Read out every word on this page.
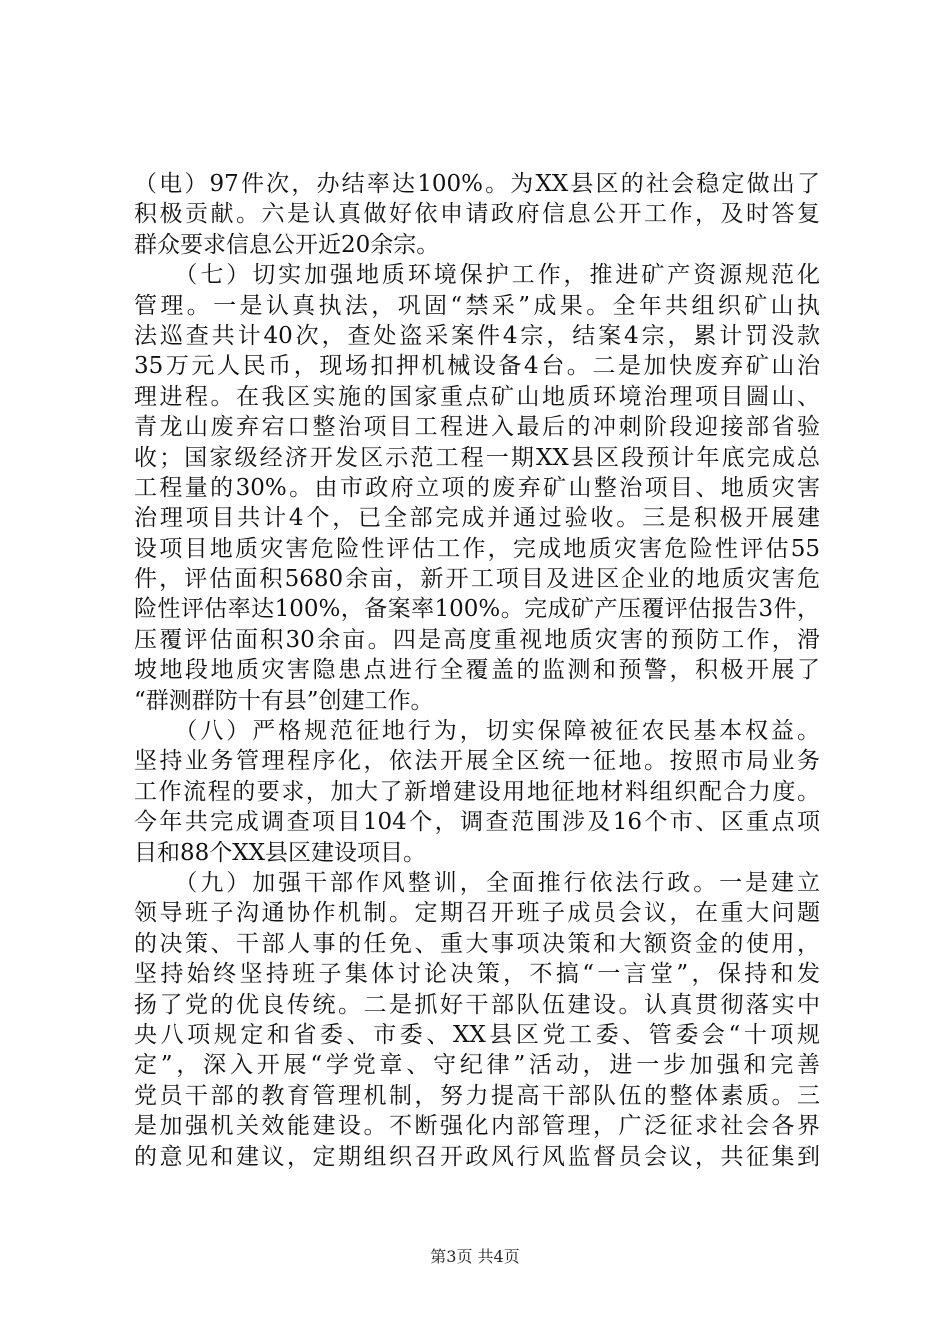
（电）97件次，办结率达100%。为XX县区的社会稳定做出了
积极贡献。六是认真做好依申请政府信息公开工作，及时答复
群众要求信息公开近20余宗。
　　（七）切实加强地质环境保护工作，推进矿产资源规范化
管理。一是认真执法，巩固“禁采”成果。全年共组织矿山执
法巡查共计40次，查处盗采案件4宗，结案4宗，累计罚没款
35万元人民币，现场扣押机械设备4台。二是加快废弃矿山治
理进程。在我区实施的国家重点矿山地质环境治理项目圌山、
青龙山废弃宕口整治项目工程进入最后的冲刺阶段迎接部省验
收；国家级经济开发区示范工程一期XX县区段预计年底完成总
工程量的30%。由市政府立项的废弃矿山整治项目、地质灾害
治理项目共计4个，已全部完成并通过验收。三是积极开展建
设项目地质灾害危险性评估工作，完成地质灾害危险性评估55
件，评估面积5680余亩，新开工项目及进区企业的地质灾害危
险性评估率达100%，备案率100%。完成矿产压覆评估报告3件，
压覆评估面积30余亩。四是高度重视地质灾害的预防工作，滑
坡地段地质灾害隐患点进行全覆盖的监测和预警，积极开展了
“群测群防十有县”创建工作。
　　（八）严格规范征地行为，切实保障被征农民基本权益。
坚持业务管理程序化，依法开展全区统一征地。按照市局业务
工作流程的要求，加大了新增建设用地征地材料组织配合力度。
今年共完成调查项目104个，调查范围涉及16个市、区重点项
目和88个XX县区建设项目。
　　（九）加强干部作风整训，全面推行依法行政。一是建立
领导班子沟通协作机制。定期召开班子成员会议，在重大问题
的决策、干部人事的任免、重大事项决策和大额资金的使用，
坚持始终坚持班子集体讨论决策，不搞“一言堂”，保持和发
扬了党的优良传统。二是抓好干部队伍建设。认真贯彻落实中
央八项规定和省委、市委、XX县区党工委、管委会“十项规
定”，深入开展“学党章、守纪律”活动，进一步加强和完善
党员干部的教育管理机制，努力提高干部队伍的整体素质。三
是加强机关效能建设。不断强化内部管理，广泛征求社会各界
的意见和建议，定期组织召开政风行风监督员会议，共征集到
第3页 共4页
